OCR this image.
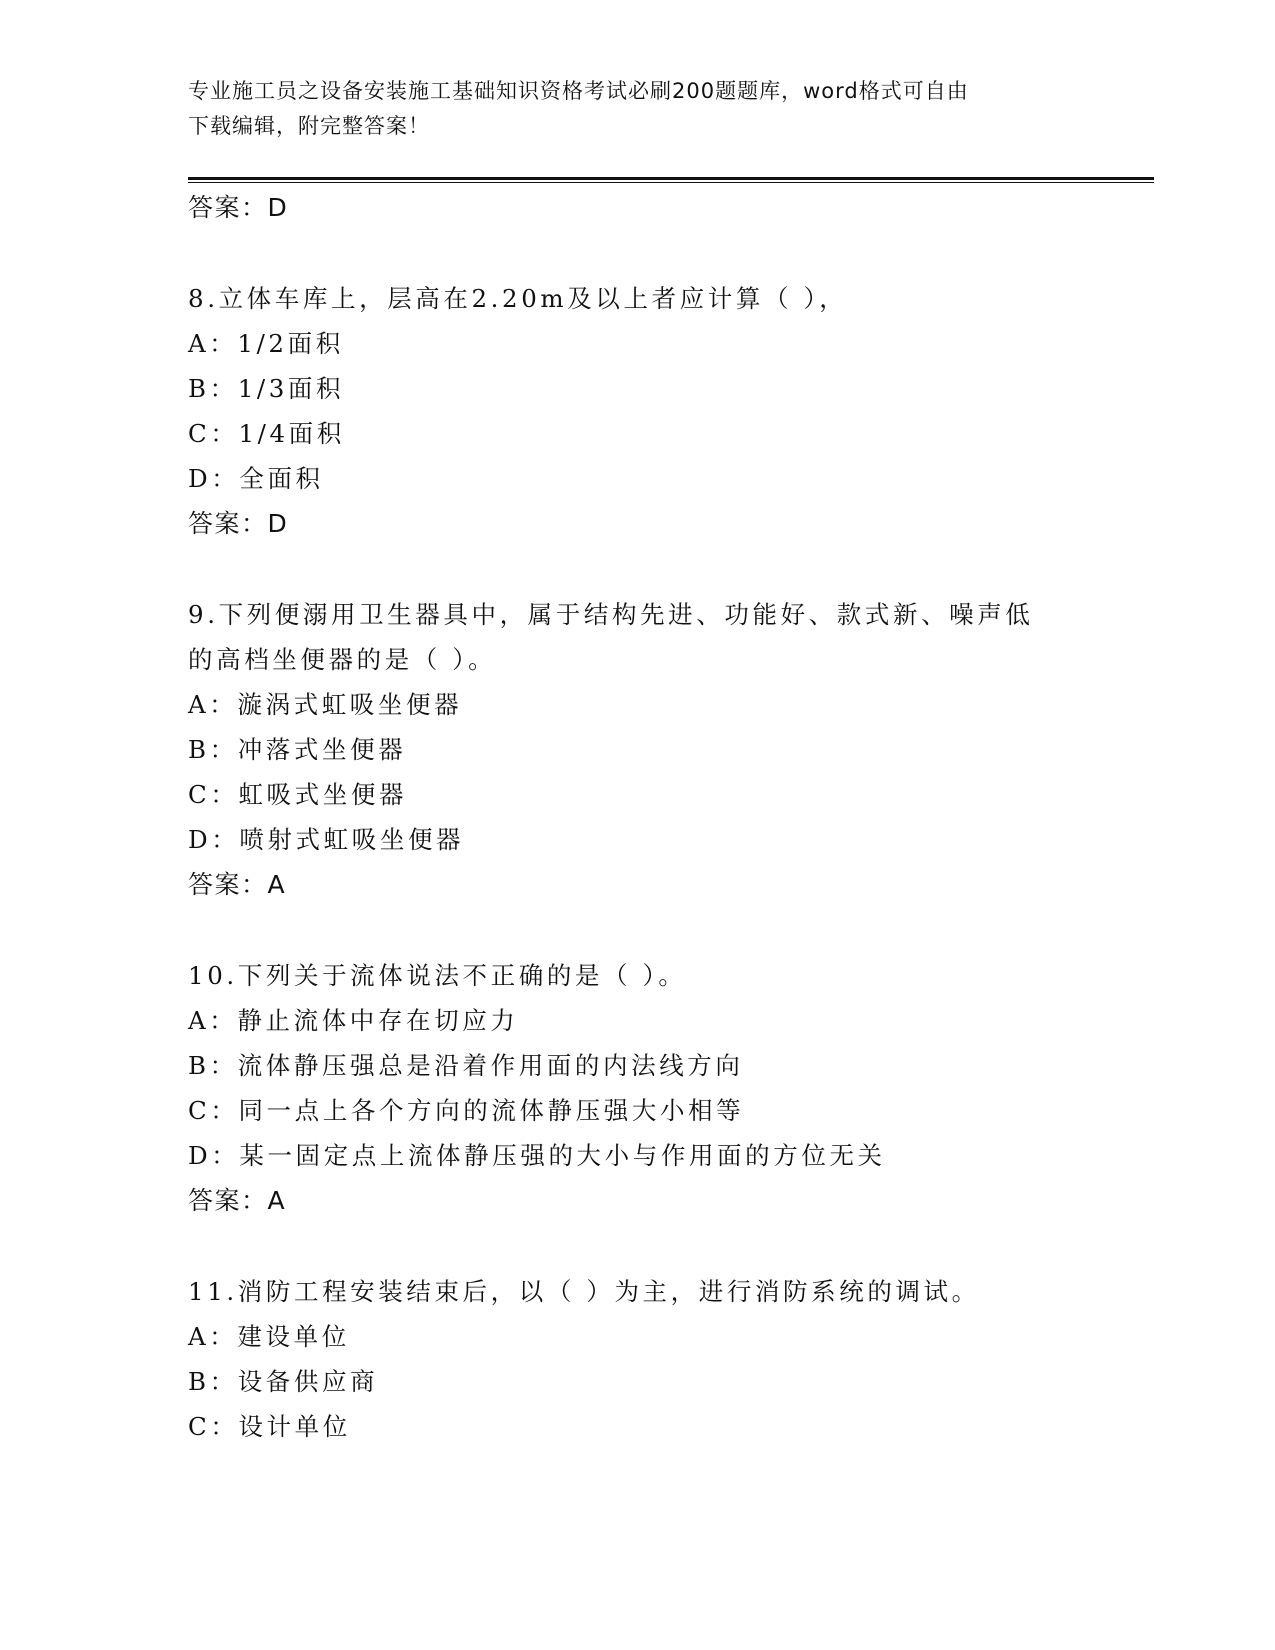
专业施工员之设备安装施工基础知识资格考试必刷200题题库，word格式可自由
下载编辑，附完整答案！
答案：D
8.立体车库上，层高在2.20m及以上者应计算（ ），
A：1/2面积
B：1/3面积
C：1/4面积
D：全面积
答案：D
9.下列便溺用卫生器具中，属于结构先进、功能好、款式新、噪声低
的高档坐便器的是（ ）。
A：漩涡式虹吸坐便器
B：冲落式坐便器
C：虹吸式坐便器
D：喷射式虹吸坐便器
答案：A
10.下列关于流体说法不正确的是（ ）。
A：静止流体中存在切应力
B：流体静压强总是沿着作用面的内法线方向
C：同一点上各个方向的流体静压强大小相等
D：某一固定点上流体静压强的大小与作用面的方位无关
答案：A
11.消防工程安装结束后，以（ ）为主，进行消防系统的调试。
A：建设单位
B：设备供应商
C：设计单位
